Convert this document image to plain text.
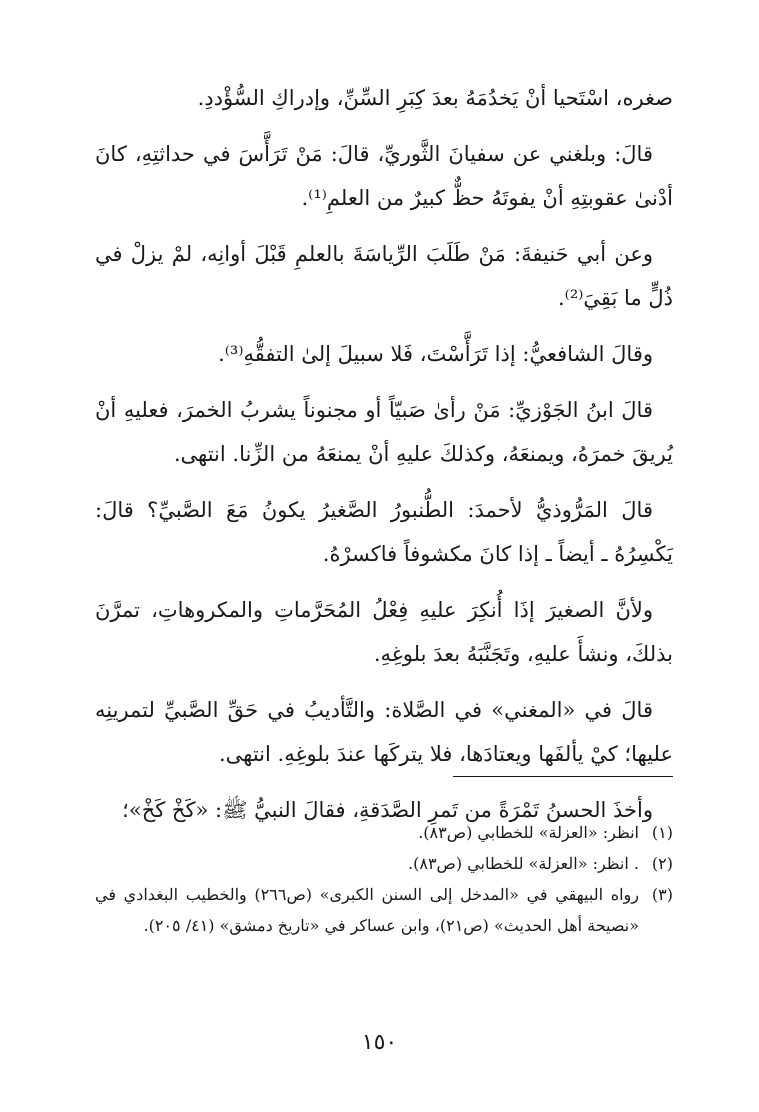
صغره، اسْتَحيا أنْ يَخدُمَهُ بعدَ كِبَرِ السِّنِّ، وإدراكِ السُّؤْددِ.

قالَ: وبلغني عن سفيانَ الثَّوريِّ، قالَ: مَنْ تَرَأَّسَ في حداثتِهِ، كانَ أدْنىٰ عقوبتِهِ أنْ يفوتَهُ حظٌّ كبيرٌ من العلمِ⁽¹⁾.

وعن أبي حَنيفةَ: مَنْ طَلَبَ الرِّياسَةَ بالعلمِ قَبْلَ أوانِه، لمْ يزلْ في ذُلٍّ ما بَقِيَ⁽²⁾.

وقالَ الشافعيُّ: إذا تَرَأَّسْتَ، فَلا سبيلَ إلىٰ التفقُّهِ⁽³⁾.

قالَ ابنُ الجَوْزيِّ: مَنْ رأىٰ صَبيّاً أو مجنوناً يشربُ الخمرَ، فعليهِ أنْ يُريقَ خمرَهُ، ويمنعَهُ، وكذلكَ عليهِ أنْ يمنعَهُ من الزِّنا. انتهى.

قالَ المَرُّوذيُّ لأحمدَ: الطُّنبورُ الصَّغيرُ يكونُ مَعَ الصَّبيِّ؟ قالَ: يَكْسِرُهُ ـ أيضاً ـ إذا كانَ مكشوفاً فاكسرْهُ.

ولأنَّ الصغيرَ إذَا أُنكِرَ عليهِ فِعْلُ المُحَرَّماتِ والمكروهاتِ، تمرَّنَ بذلكَ، ونشأَ عليهِ، وتَجَنَّبَهُ بعدَ بلوغِهِ.

قالَ في «المغني» في الصَّلاة: والتَّأديبُ في حَقِّ الصَّبيِّ لتمرينِه عليها؛ كيْ يألفَها ويعتادَها، فلا يتركَها عندَ بلوغِهِ. انتهى.

وأخذَ الحسنُ تَمْرَةً من تَمرِ الصَّدَقةِ، فقالَ النبيُّ ﷺ: «كَخْ كَخْ»؛

(١)
انظر: «العزلة» للخطابي (ص٨٣).
(٢)
. انظر: «العزلة» للخطابي (ص٨٣).
(٣)
رواه البيهقي في «المدخل إلى السنن الكبرى» (ص٢٦٦) والخطيب البغدادي في «نصيحة أهل الحديث» (ص٢١)، وابن عساكر في «تاريخ دمشق» (٤١/ ٢٠٥).
١٥٠
